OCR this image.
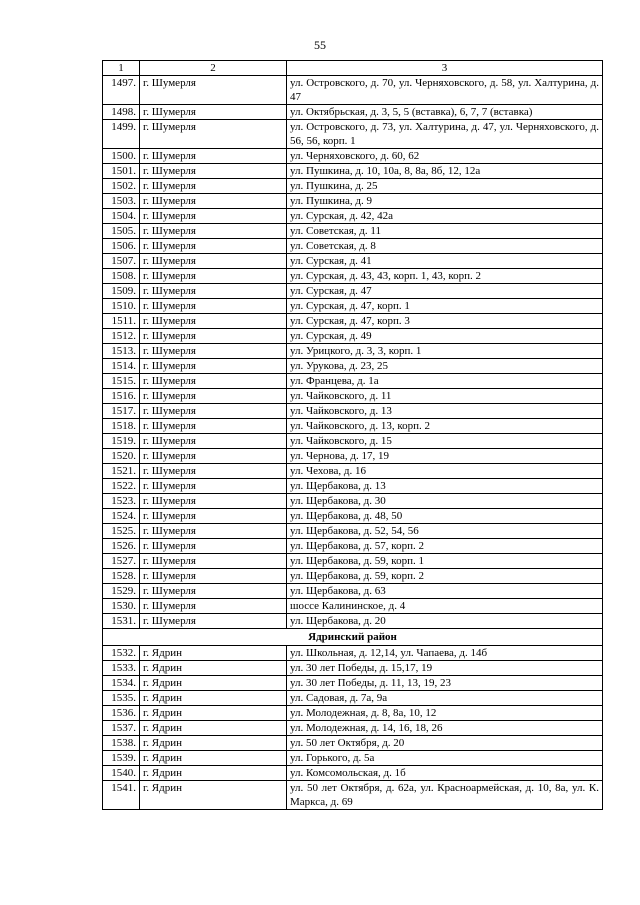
55
1	2	3
1497.	г. Шумерля	ул. Островского, д. 70, ул. Черняховского, д. 58, ул. Халтурина, д. 47
1498.	г. Шумерля	ул. Октябрьская, д. 3, 5, 5 (вставка), 6, 7, 7 (вставка)
1499.	г. Шумерля	ул. Островского, д. 73, ул. Халтурина, д. 47, ул. Черняховского, д. 56, 56, корп. 1
1500.	г. Шумерля	ул. Черняховского, д. 60, 62
1501.	г. Шумерля	ул. Пушкина, д. 10, 10а, 8, 8а, 8б, 12, 12а
1502.	г. Шумерля	ул. Пушкина, д. 25
1503.	г. Шумерля	ул. Пушкина, д. 9
1504.	г. Шумерля	ул. Сурская, д. 42, 42а
1505.	г. Шумерля	ул. Советская, д. 11
1506.	г. Шумерля	ул. Советская, д. 8
1507.	г. Шумерля	ул. Сурская, д. 41
1508.	г. Шумерля	ул. Сурская, д. 43, 43, корп. 1, 43, корп. 2
1509.	г. Шумерля	ул. Сурская, д. 47
1510.	г. Шумерля	ул. Сурская, д. 47, корп. 1
1511.	г. Шумерля	ул. Сурская, д. 47, корп. 3
1512.	г. Шумерля	ул. Сурская, д. 49
1513.	г. Шумерля	ул. Урицкого, д. 3, 3, корп. 1
1514.	г. Шумерля	ул. Урукова, д. 23, 25
1515.	г. Шумерля	ул. Францева, д. 1а
1516.	г. Шумерля	ул. Чайковского, д. 11
1517.	г. Шумерля	ул. Чайковского, д. 13
1518.	г. Шумерля	ул. Чайковского, д. 13, корп. 2
1519.	г. Шумерля	ул. Чайковского, д. 15
1520.	г. Шумерля	ул. Чернова, д. 17, 19
1521.	г. Шумерля	ул. Чехова, д. 16
1522.	г. Шумерля	ул. Щербакова, д. 13
1523.	г. Шумерля	ул. Щербакова, д. 30
1524.	г. Шумерля	ул. Щербакова, д. 48, 50
1525.	г. Шумерля	ул. Щербакова, д. 52, 54, 56
1526.	г. Шумерля	ул. Щербакова, д. 57, корп. 2
1527.	г. Шумерля	ул. Щербакова, д. 59, корп. 1
1528.	г. Шумерля	ул. Щербакова, д. 59, корп. 2
1529.	г. Шумерля	ул. Щербакова, д. 63
1530.	г. Шумерля	шоссе Калининское, д. 4
1531.	г. Шумерля	ул. Щербакова, д. 20
Ядринский район		
1532.	г. Ядрин	ул. Школьная, д. 12,14, ул. Чапаева, д. 14б
1533.	г. Ядрин	ул. 30 лет Победы, д. 15,17, 19
1534.	г. Ядрин	ул. 30 лет Победы, д. 11, 13, 19, 23
1535.	г. Ядрин	ул. Садовая, д. 7а, 9а
1536.	г. Ядрин	ул. Молодежная, д. 8, 8а, 10, 12
1537.	г. Ядрин	ул. Молодежная, д. 14, 16, 18, 26
1538.	г. Ядрин	ул. 50 лет Октября, д. 20
1539.	г. Ядрин	ул. Горького, д. 5а
1540.	г. Ядрин	ул. Комсомольская, д. 1б
1541.	г. Ядрин	ул. 50 лет Октября, д. 62а, ул. Красноармейская, д. 10, 8а, ул. К. Маркса, д. 69
